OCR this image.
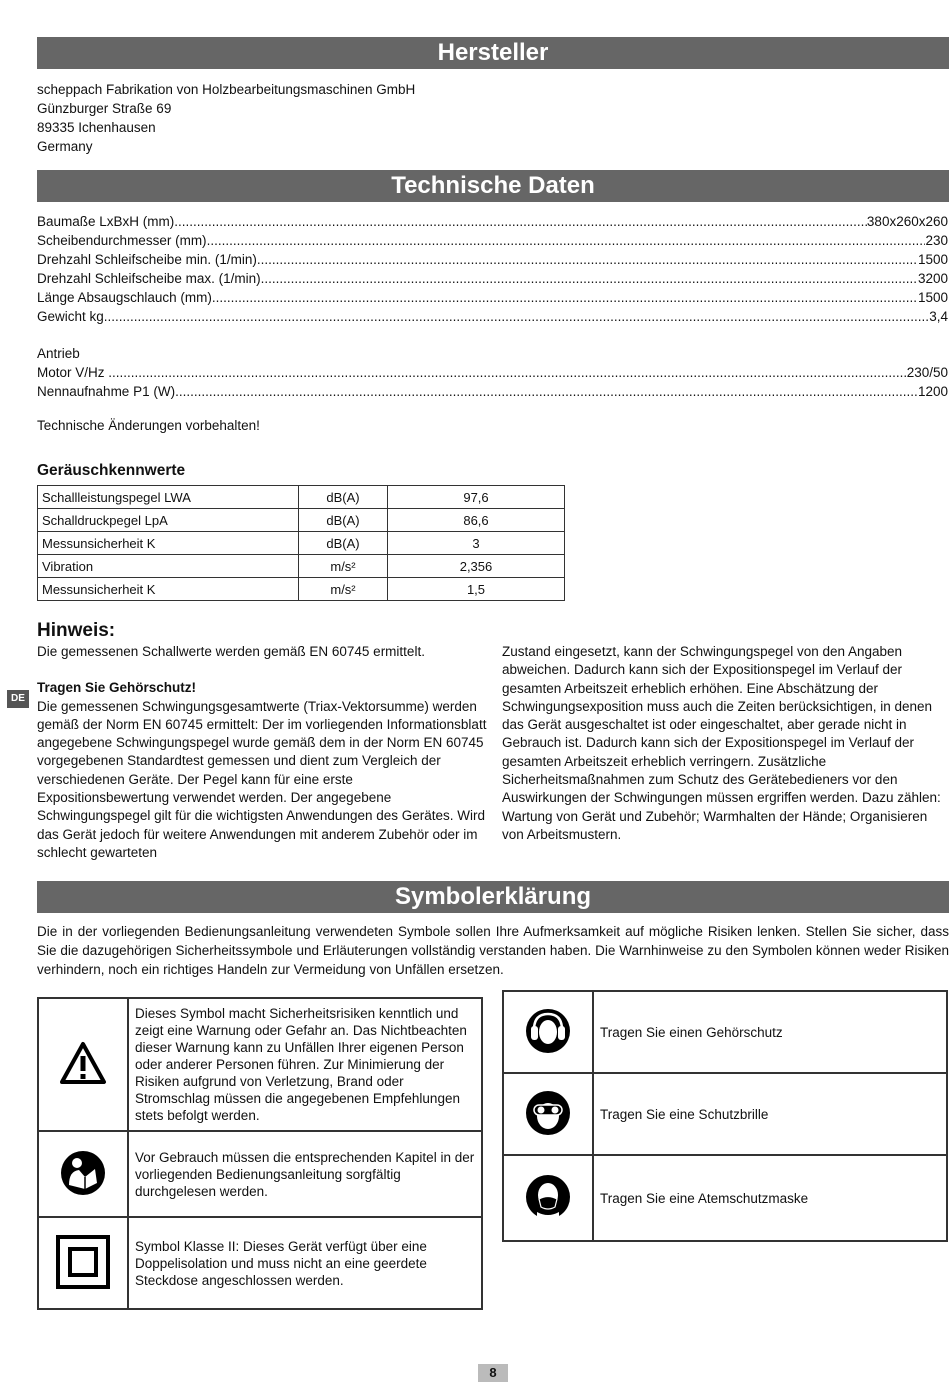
Hersteller
scheppach Fabrikation von Holzbearbeitungsmaschinen GmbH
Günzburger Straße 69
89335 Ichenhausen
Germany
Technische Daten
Baumaße LxBxH (mm) .....	380x260x260
Scheibendurchmesser (mm) .....	230
Drehzahl Schleifscheibe min. (1/min) .....	1500
Drehzahl Schleifscheibe max. (1/min) .....	3200
Länge Absaugschlauch (mm) .....	1500
Gewicht kg .....	3,4
Antrieb
Motor V/Hz .....	230/50
Nennaufnahme P1 (W) .....	1200
Technische Änderungen vorbehalten!
Geräuschkennwerte
Schallleistungspegel LWA	dB(A)	97,6
Schalldruckpegel LpA	dB(A)	86,6
Messunsicherheit K	dB(A)	3
Vibration	m/s²	2,356
Messunsicherheit K	m/s²	1,5
Hinweis:
DE

Die gemessenen Schallwerte werden gemäß EN 60745 ermittelt.

Tragen Sie Gehörschutz!

Die gemessenen Schwingungsgesamtwerte (Triax-Vektorsumme) werden gemäß der Norm EN 60745 ermittelt: Der im vorliegenden Informationsblatt angegebene Schwingungspegel wurde gemäß dem in der Norm EN 60745 vorgegebenen Standardtest gemessen und dient zum Vergleich der verschiedenen Geräte. Der Pegel kann für eine erste Expositionsbewertung verwendet werden. Der angegebene Schwingungspegel gilt für die wichtigsten Anwendungen des Gerätes. Wird das Gerät jedoch für weitere Anwendungen mit anderem Zubehör oder im schlecht gewarteten

Zustand eingesetzt, kann der Schwingungspegel von den Angaben abweichen. Dadurch kann sich der Expositionspegel im Verlauf der gesamten Arbeitszeit erheblich erhöhen. Eine Abschätzung der Schwingungsexposition muss auch die Zeiten berücksichtigen, in denen das Gerät ausgeschaltet ist oder eingeschaltet, aber gerade nicht in Gebrauch ist. Dadurch kann sich der Expositionspegel im Verlauf der gesamten Arbeitszeit erheblich verringern. Zusätzliche Sicherheitsmaßnahmen zum Schutz des Gerätebedieners vor den Auswirkungen der Schwingungen müssen ergriffen werden. Dazu zählen: Wartung von Gerät und Zubehör; Warmhalten der Hände; Organisieren von Arbeitsmustern.

Symbolerklärung
Die in der vorliegenden Bedienungsanleitung verwendeten Symbole sollen Ihre Aufmerksamkeit auf mögliche Risiken lenken. Stellen Sie sicher, dass Sie die dazugehörigen Sicherheitssymbole und Erläuterungen vollständig verstanden haben. Die Warnhinweise zu den Symbolen können weder Risiken verhindern, noch ein richtiges Handeln zur Vermeidung von Unfällen ersetzen.
	Dieses Symbol macht Sicherheitsrisiken kenntlich und zeigt eine Warnung oder Gefahr an. Das Nichtbeachten dieser Warnung kann zu Unfällen Ihrer eigenen Person oder anderer Personen führen. Zur Minimierung der Risiken aufgrund von Verletzung, Brand oder Stromschlag müssen die angegebenen Empfehlungen stets befolgt werden.
	Vor Gebrauch müssen die entsprechenden Kapitel in der vorliegenden Bedienungsanleitung sorgfältig durchgelesen werden.
	Symbol Klasse II: Dieses Gerät verfügt über eine Doppelisolation und muss nicht an eine geerdete Steckdose angeschlossen werden.
	Tragen Sie einen Gehörschutz
	Tragen Sie eine Schutzbrille
	Tragen Sie eine Atemschutzmaske
8
